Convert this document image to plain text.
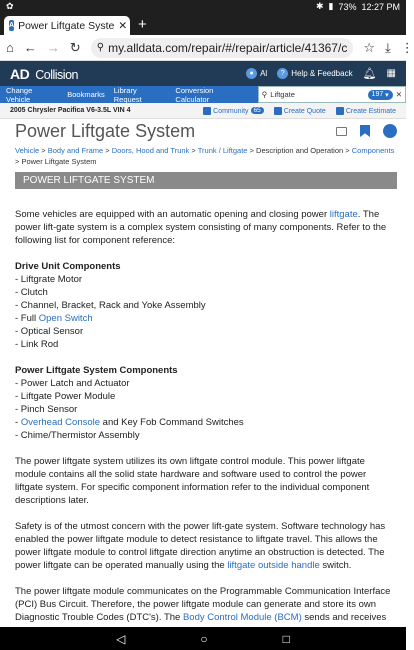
✿	✱ ▮ 73% 12:27 PM
A Power Liftgate Syste ✕ +
⌂ ← → ↻ ⚲ my.alldata.com/repair/#/repair/article/41367/c ☆ ⤓ ⋮
AD Collision	● Al	? Help & Feedback 🔔︎ ▦
Change Vehicle	Bookmarks Library Request
Conversion Calculator	⚲ Liftgate	197 ▾ ✕
2005 Chrysler Pacifica V6-3.5L VIN 4	Community 65	Create Quote	Create Estimate
Power Liftgate System
Vehicle > Body and Frame > Doors, Hood and Trunk > Trunk / Liftgate > Description and Operation > Components
> Power Liftgate System
POWER LIFTGATE SYSTEM

Some vehicles are equipped with an automatic opening and closing power liftgate. The power lift-gate system is a complex system consisting of many components. Refer to the following list for component reference:

Drive Unit Components
- Liftgrate Motor
- Clutch
- Channel, Bracket, Rack and Yoke Assembly
- Full Open Switch
- Optical Sensor
- Link Rod
Power Liftgate System Components
- Power Latch and Actuator
- Liftgate Power Module
- Pinch Sensor
- Overhead Console and Key Fob Command Switches
- Chime/Thermistor Assembly

The power liftgate system utilizes its own liftgate control module. This power liftgate module contains all the solid state hardware and software used to control the power liftgate system. For specific component information refer to the individual component descriptions later.

Safety is of the utmost concern with the power lift-gate system. Software technology has enabled the power liftgate module to detect resistance to liftgate travel. This allows the power liftgate module to control liftgate direction anytime an obstruction is detected. The power liftgate can be operated manually using the liftgate outside handle switch.

The power liftgate module communicates on the Programmable Communication Interface (PCI) Bus Circuit. Therefore, the power liftgate module can generate and store its own Diagnostic Trouble Codes (DTC's). The Body Control Module (BCM) sends and receives

◁	○	□
